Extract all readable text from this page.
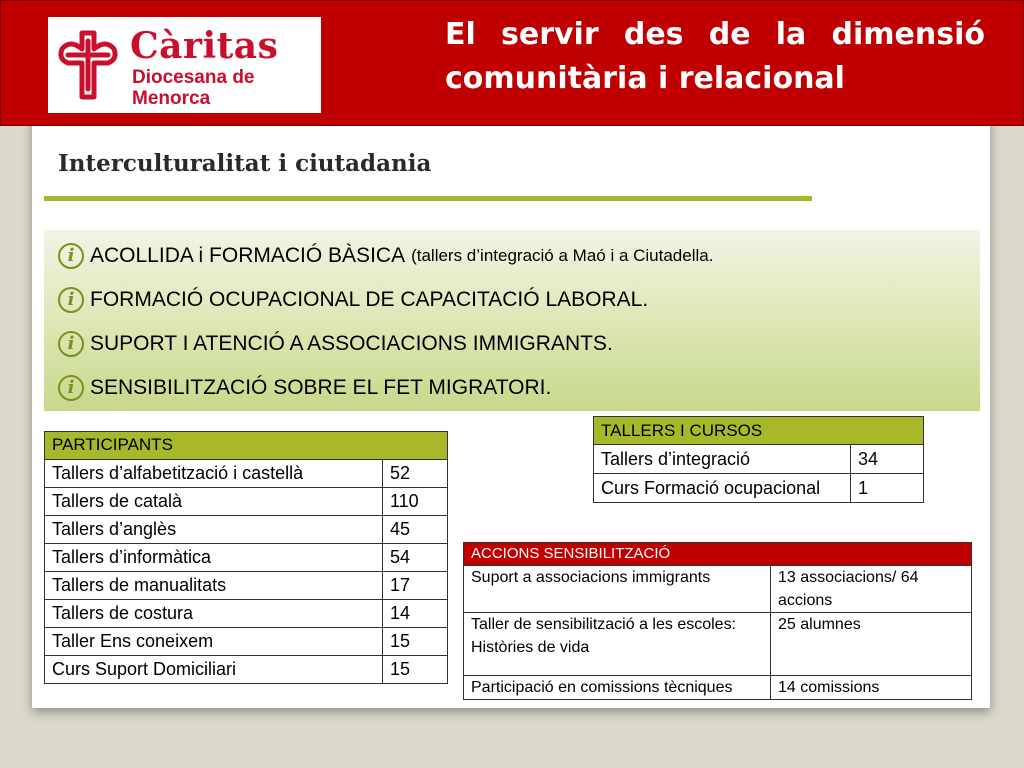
Càritas
Diocesana de
Menorca
El servir des de la dimensió comunitària i relacional
Interculturalitat i ciutadania
i ACOLLIDA i FORMACIÓ BÀSICA (tallers d’integració a Maó i a Ciutadella.
i FORMACIÓ OCUPACIONAL DE CAPACITACIÓ LABORAL.
i SUPORT I ATENCIÓ A ASSOCIACIONS IMMIGRANTS.
i SENSIBILITZACIÓ SOBRE EL FET MIGRATORI.
PARTICIPANTS	
Tallers d’alfabetització i castellà	52
Tallers de català	110
Tallers d’anglès	45
Tallers d’informàtica	54
Tallers de manualitats	17
Tallers de costura	14
Taller Ens coneixem	15
Curs Suport Domiciliari	15
TALLERS I CURSOS	
Tallers d’integració	34
Curs Formació ocupacional	1
ACCIONS SENSIBILITZACIÓ	
Suport a associacions immigrants	13 associacions/ 64 accions
Taller de sensibilització a les escoles: Històries de vida	25 alumnes
Participació en comissions tècniques	14 comissions
